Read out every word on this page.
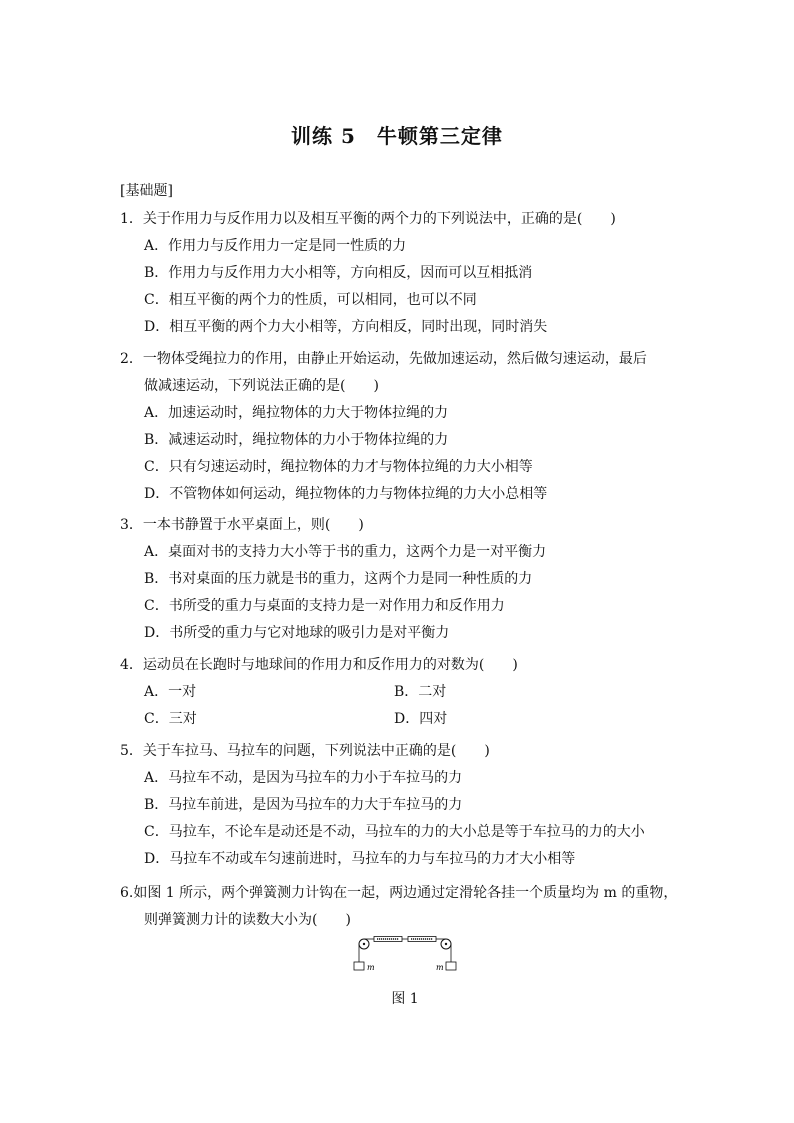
训练 5　牛顿第三定律
[基础题]
1．关于作用力与反作用力以及相互平衡的两个力的下列说法中，正确的是(　　)
A．作用力与反作用力一定是同一性质的力
B．作用力与反作用力大小相等，方向相反，因而可以互相抵消
C．相互平衡的两个力的性质，可以相同，也可以不同
D．相互平衡的两个力大小相等，方向相反，同时出现，同时消失
2．一物体受绳拉力的作用，由静止开始运动，先做加速运动，然后做匀速运动，最后
做减速运动，下列说法正确的是(　　)
A．加速运动时，绳拉物体的力大于物体拉绳的力
B．减速运动时，绳拉物体的力小于物体拉绳的力
C．只有匀速运动时，绳拉物体的力才与物体拉绳的力大小相等
D．不管物体如何运动，绳拉物体的力与物体拉绳的力大小总相等
3．一本书静置于水平桌面上，则(　　)
A．桌面对书的支持力大小等于书的重力，这两个力是一对平衡力
B．书对桌面的压力就是书的重力，这两个力是同一种性质的力
C．书所受的重力与桌面的支持力是一对作用力和反作用力
D．书所受的重力与它对地球的吸引力是对平衡力
4．运动员在长跑时与地球间的作用力和反作用力的对数为(　　)
A．一对	B．二对
C．三对	D．四对
5．关于车拉马、马拉车的问题，下列说法中正确的是(　　)
A．马拉车不动，是因为马拉车的力小于车拉马的力
B．马拉车前进，是因为马拉车的力大于车拉马的力
C．马拉车，不论车是动还是不动，马拉车的力的大小总是等于车拉马的力的大小
D．马拉车不动或车匀速前进时，马拉车的力与车拉马的力才大小相等
6.如图 1 所示，两个弹簧测力计钩在一起，两边通过定滑轮各挂一个质量均为 m 的重物，
则弹簧测力计的读数大小为(　　)
m	m
图 1
